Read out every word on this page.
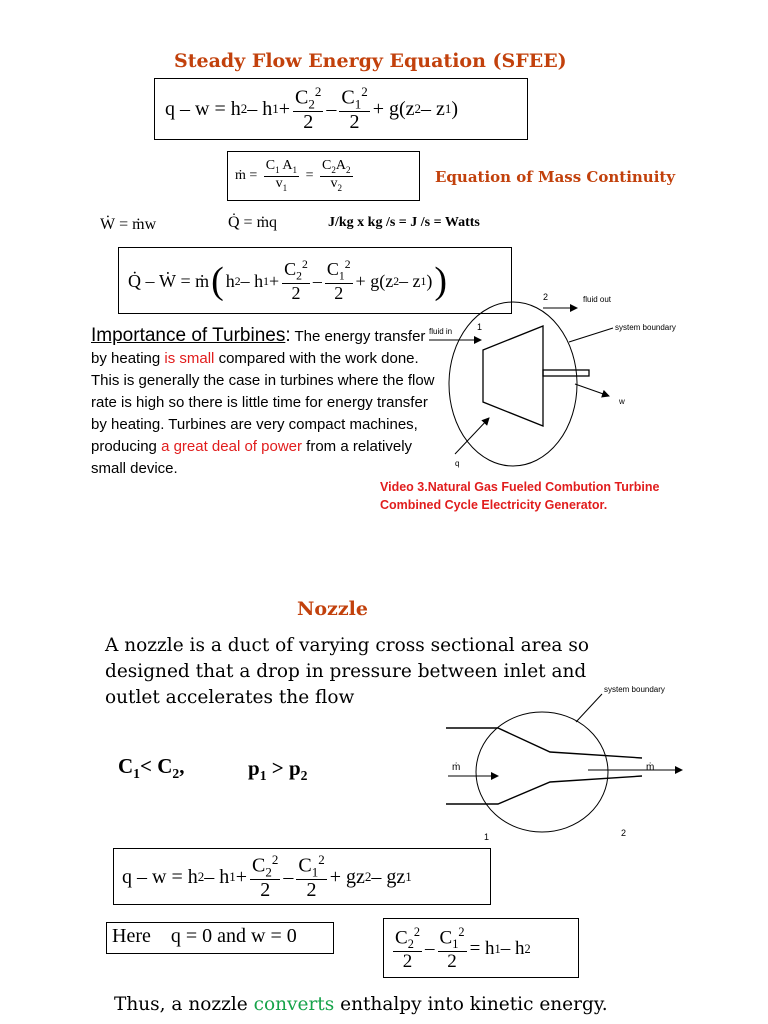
Steady Flow Energy Equation (SFEE)
q – w = h 2 – h $1 + \frac{C_2^2}{2} - \frac{C_1^2}{2} + g(z$ 2 – z 1 )
ṁ = $\frac{C_1 A_1}{v_1} = \frac{C_2A_2}{v_2}$	Equation of Mass Continuity
Ẇ = ṁw	Q̇ = ṁq	J/kg x kg /s = J /s = Watts
Q̇ – Ẇ = ṁ ( h 2 – h $1 + \frac{C_2^2}{2} - \frac{C_1^2}{2} + g(z$ 2 – z 1 ) )
Importance of Turbines: The energy transfer by heating is small compared with the work done. This is generally the case in turbines where the flow rate is high so there is little time for energy transfer by heating. Turbines are very compact machines, producing a great deal of power from a relatively small device.
fluid in
fluid out
system boundary
1
2
w
q
Video 3.Natural Gas Fueled Combution Turbine
Combined Cycle Electricity Generator.
Nozzle
A nozzle is a duct of varying cross sectional area so designed that a drop in pressure between inlet and outlet accelerates the flow
$C_1< C_2$,	$p_1 > p_2$
system boundary
ṁ	ṁ
1	2
q – w = h 2 – h $1 + \frac{C_2^2}{2} - \frac{C_1^2}{2}$ + gz 2 – gz 1
Here    q = 0 and w = 0	$\frac{C_2^2}{2} - \frac{C_1^2}{2} = h$ 1 – h 2
Thus, a nozzle converts enthalpy into kinetic energy.
